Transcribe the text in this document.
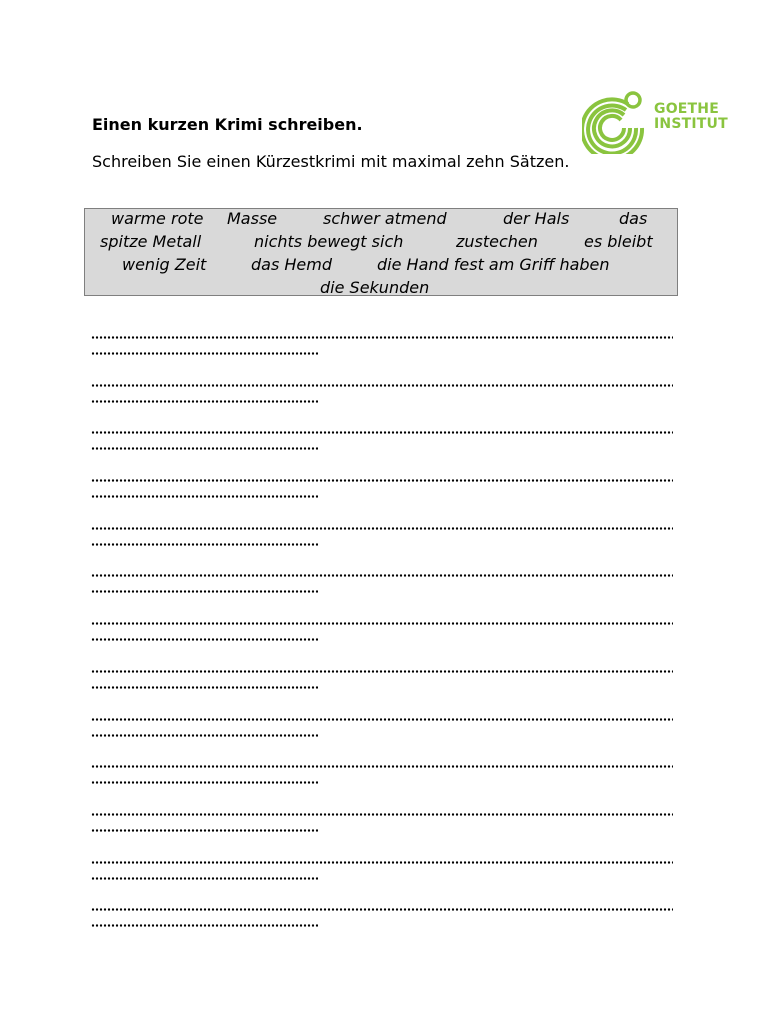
GOETHE
INSTITUT
Einen kurzen Krimi schreiben.
Schreiben Sie einen Kürzestkrimi mit maximal zehn Sätzen.
warme rote Masse	schwer atmend	der Hals	das
spitze Metall	nichts bewegt sich	zustechen	es bleibt
wenig Zeit	das Hemd	die Hand fest am Griff haben
die Sekunden
